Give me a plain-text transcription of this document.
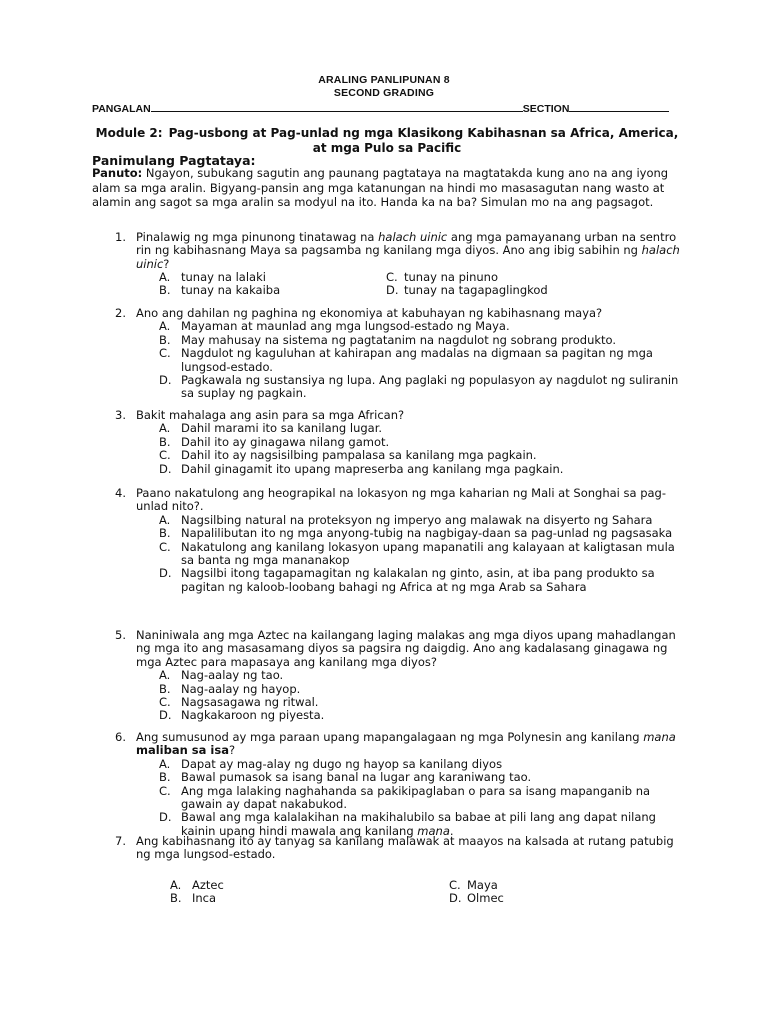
ARALING PANLIPUNAN 8
SECOND GRADING
PANGALAN	SECTION
Module 2: Pag-usbong at Pag-unlad ng mga Klasikong Kabihasnan sa Africa, America, at mga Pulo sa Pacific
Panimulang Pagtataya:
Panuto: Ngayon, subukang sagutin ang paunang pagtataya na magtatakda kung ano na ang iyong alam sa mga aralin. Bigyang-pansin ang mga katanungan na hindi mo masasagutan nang wasto at alamin ang sagot sa mga aralin sa modyul na ito. Handa ka na ba? Simulan mo na ang pagsagot.
1. Pinalawig ng mga pinunong tinatawag na halach uinic ang mga pamayanang urban na sentro rin ng kabihasnang Maya sa pagsamba ng kanilang mga diyos. Ano ang ibig sabihin ng halach uinic?
A. tunay na lalaki
B. tunay na kakaiba
C. tunay na pinuno
D. tunay na tagapaglingkod
2. Ano ang dahilan ng paghina ng ekonomiya at kabuhayan ng kabihasnang maya?
A. Mayaman at maunlad ang mga lungsod-estado ng Maya.
B. May mahusay na sistema ng pagtatanim na nagdulot ng sobrang produkto.
C. Nagdulot ng kaguluhan at kahirapan ang madalas na digmaan sa pagitan ng mga lungsod-estado.
D. Pagkawala ng sustansiya ng lupa. Ang paglaki ng populasyon ay nagdulot ng suliranin sa suplay ng pagkain.
3. Bakit mahalaga ang asin para sa mga African?
A. Dahil marami ito sa kanilang lugar.
B. Dahil ito ay ginagawa nilang gamot.
C. Dahil ito ay nagsisilbing pampalasa sa kanilang mga pagkain.
D. Dahil ginagamit ito upang mapreserba ang kanilang mga pagkain.
4. Paano nakatulong ang heograpikal na lokasyon ng mga kaharian ng Mali at Songhai sa pag-unlad nito?.
A. Nagsilbing natural na proteksyon ng imperyo ang malawak na disyerto ng Sahara
B. Napalilibutan ito ng mga anyong-tubig na nagbigay-daan sa pag-unlad ng pagsasaka
C. Nakatulong ang kanilang lokasyon upang mapanatili ang kalayaan at kaligtasan mula sa banta ng mga mananakop
D. Nagsilbi itong tagapamagitan ng kalakalan ng ginto, asin, at iba pang produkto sa pagitan ng kaloob-loobang bahagi ng Africa at ng mga Arab sa Sahara
5. Naniniwala ang mga Aztec na kailangang laging malakas ang mga diyos upang mahadlangan ng mga ito ang masasamang diyos sa pagsira ng daigdig. Ano ang kadalasang ginagawa ng mga Aztec para mapasaya ang kanilang mga diyos?
A. Nag-aalay ng tao.
B. Nag-aalay ng hayop.
C. Nagsasagawa ng ritwal.
D. Nagkakaroon ng piyesta.
6. Ang sumusunod ay mga paraan upang mapangalagaan ng mga Polynesin ang kanilang mana maliban sa isa?
A. Dapat ay mag-alay ng dugo ng hayop sa kanilang diyos
B. Bawal pumasok sa isang banal na lugar ang karaniwang tao.
C. Ang mga lalaking naghahanda sa pakikipaglaban o para sa isang mapanganib na gawain ay dapat nakabukod.
D. Bawal ang mga kalalakihan na makihalubilo sa babae at pili lang ang dapat nilang kainin upang hindi mawala ang kanilang mana.
7. Ang kabihasnang ito ay tanyag sa kanilang malawak at maayos na kalsada at rutang patubig ng mga lungsod-estado.
A. Aztec
B. Inca
C. Maya
D. Olmec
